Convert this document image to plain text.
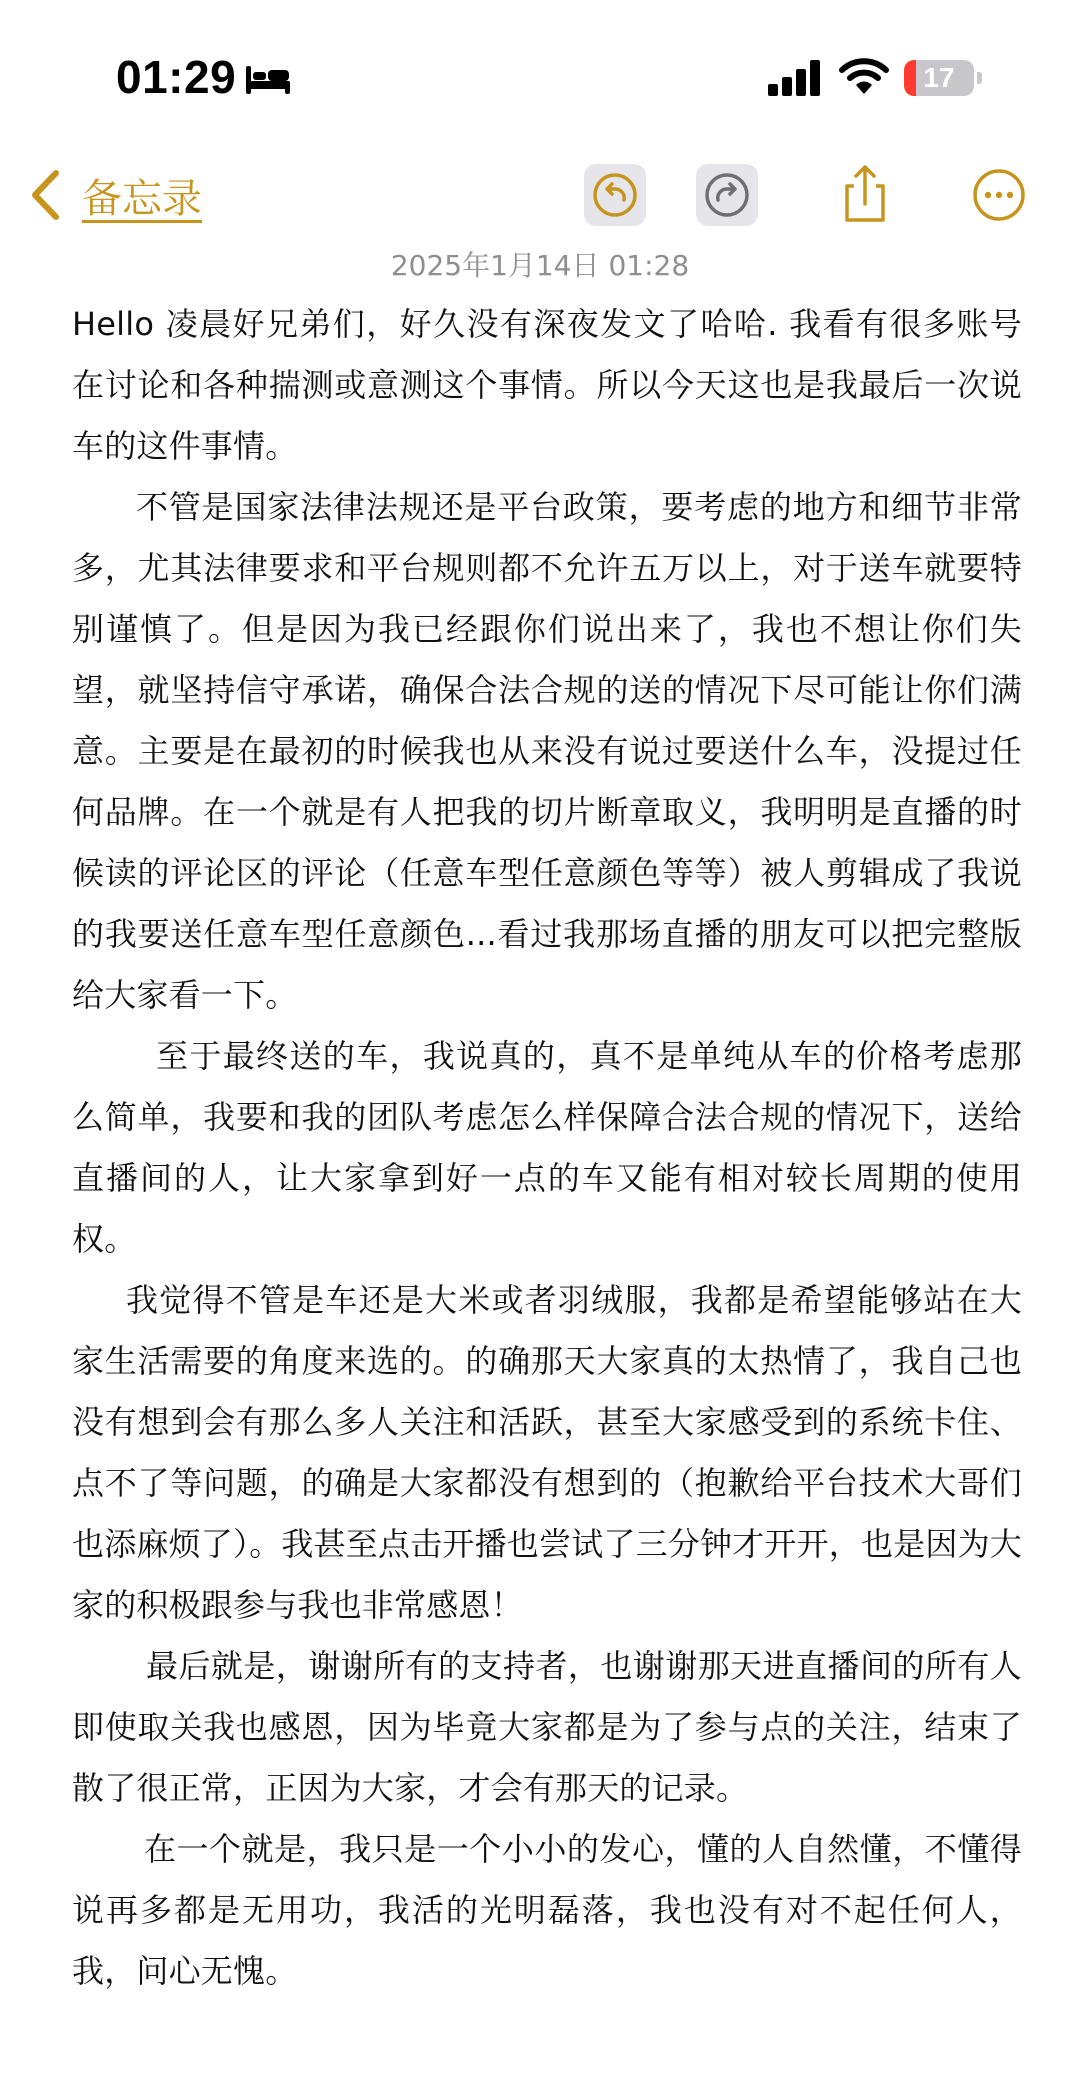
01:29	17
备忘录
2025年1月14日 01:28

Hello 凌晨好兄弟们，好久没有深夜发文了哈哈. 我看有很多账号在讨论和各种揣测或意测这个事情。所以今天这也是我最后一次说车的这件事情。

不管是国家法律法规还是平台政策，要考虑的地方和细节非常多，尤其法律要求和平台规则都不允许五万以上，对于送车就要特别谨慎了。但是因为我已经跟你们说出来了，我也不想让你们失望，就坚持信守承诺，确保合法合规的送的情况下尽可能让你们满意。主要是在最初的时候我也从来没有说过要送什么车，没提过任何品牌。在一个就是有人把我的切片断章取义，我明明是直播的时候读的评论区的评论（任意车型任意颜色等等）被人剪辑成了我说的我要送任意车型任意颜色...看过我那场直播的朋友可以把完整版给大家看一下。

至于最终送的车，我说真的，真不是单纯从车的价格考虑那么简单，我要和我的团队考虑怎么样保障合法合规的情况下，送给直播间的人，让大家拿到好一点的车又能有相对较长周期的使用权。

我觉得不管是车还是大米或者羽绒服，我都是希望能够站在大家生活需要的角度来选的。的确那天大家真的太热情了，我自己也没有想到会有那么多人关注和活跃，甚至大家感受到的系统卡住、点不了等问题，的确是大家都没有想到的（抱歉给平台技术大哥们也添麻烦了）。我甚至点击开播也尝试了三分钟才开开，也是因为大家的积极跟参与我也非常感恩！

最后就是，谢谢所有的支持者，也谢谢那天进直播间的所有人即使取关我也感恩，因为毕竟大家都是为了参与点的关注，结束了散了很正常，正因为大家，才会有那天的记录。

在一个就是，我只是一个小小的发心，懂的人自然懂，不懂得说再多都是无用功，我活的光明磊落，我也没有对不起任何人，我，问心无愧。
